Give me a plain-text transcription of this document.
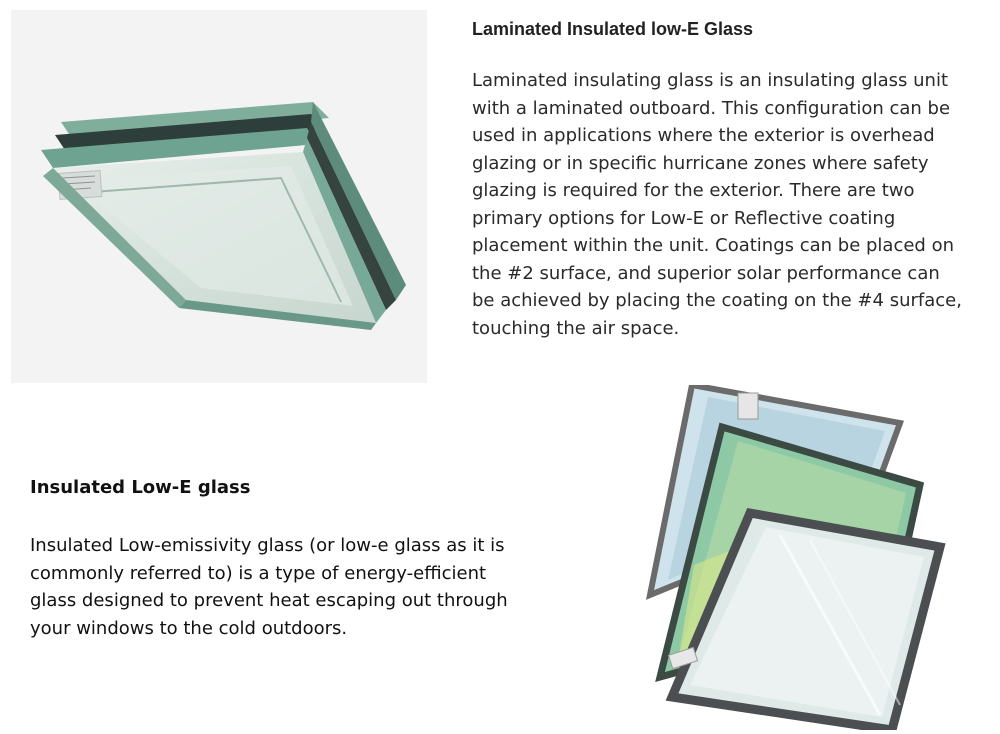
Laminated Insulated low-E Glass
Laminated insulating glass is an insulating glass unit
with a laminated outboard. This configuration can be
used in applications where the exterior is overhead
glazing or in specific hurricane zones where safety
glazing is required for the exterior. There are two
primary options for Low-E or Reflective coating
placement within the unit. Coatings can be placed on
the #2 surface, and superior solar performance can
be achieved by placing the coating on the #4 surface,
touching the air space.
Insulated Low-E glass
Insulated Low-emissivity glass (or low-e glass as it is
commonly referred to) is a type of energy-efficient
glass designed to prevent heat escaping out through
your windows to the cold outdoors.
